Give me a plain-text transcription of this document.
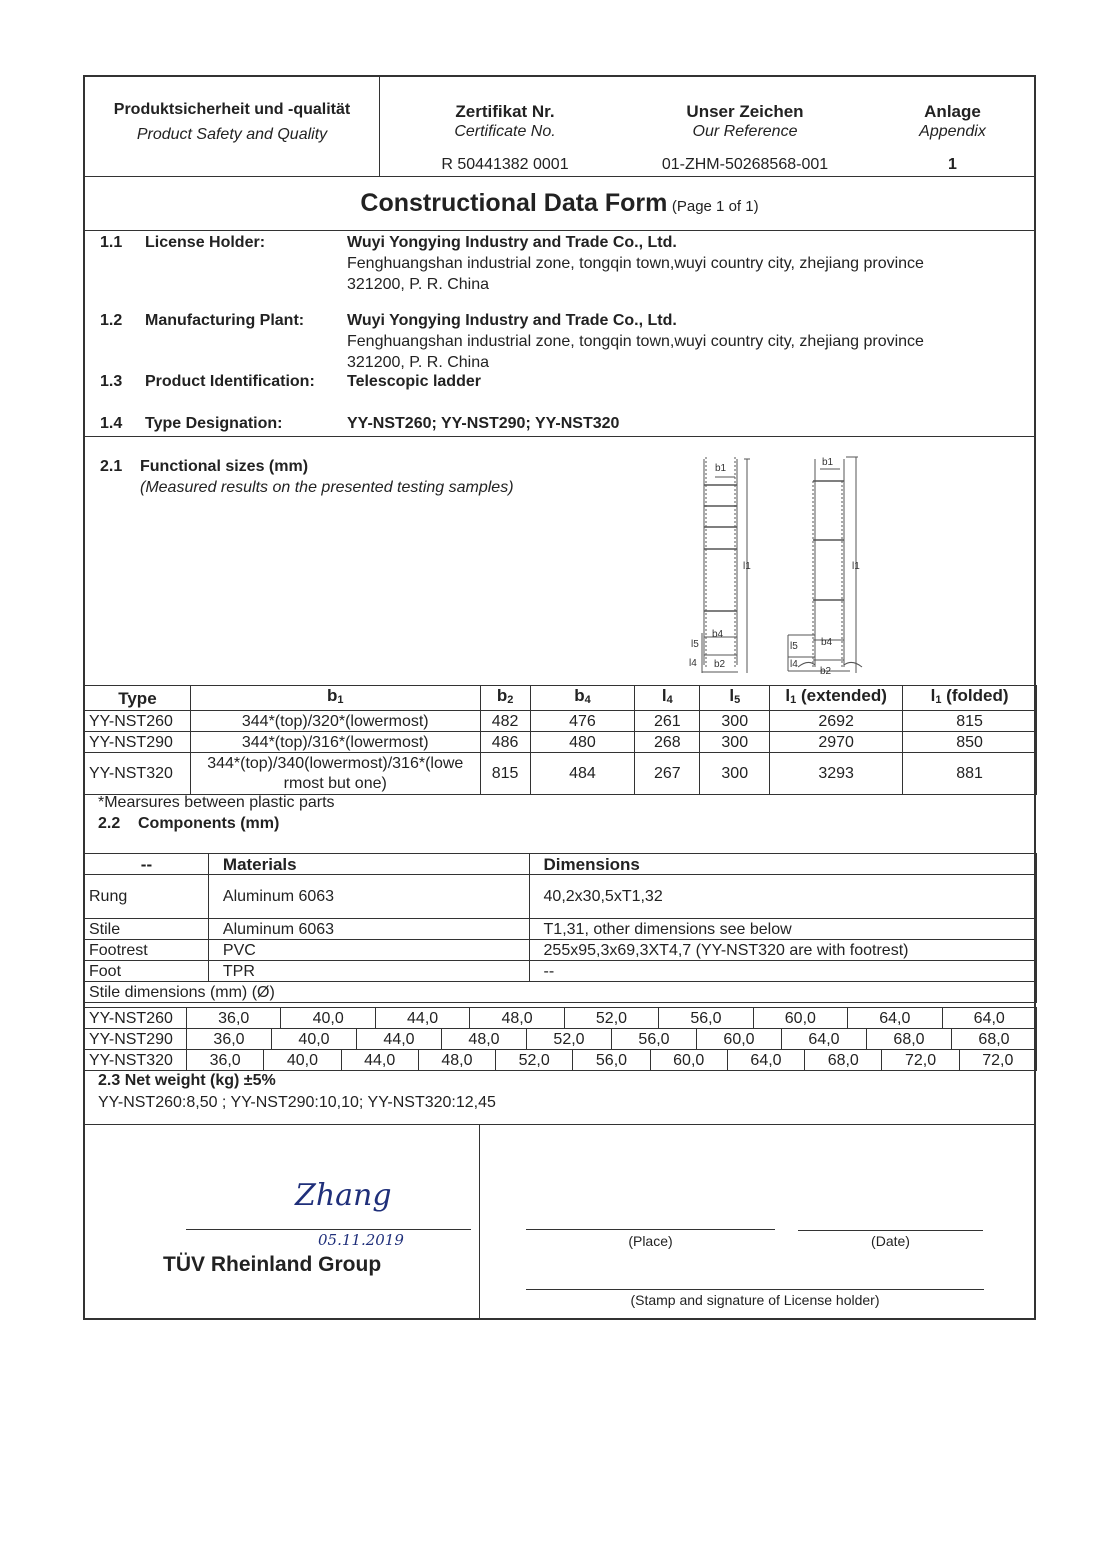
Produktsicherheit und -qualität
Product Safety and Quality
Zertifikat Nr.
Certificate No.
R 50441382 0001
Unser Zeichen
Our Reference
01-ZHM-50268568-001
Anlage
Appendix
1
Constructional Data Form (Page 1 of 1)
1.1 License Holder:	Wuyi Yongying Industry and Trade Co., Ltd.
Fenghuangshan industrial zone, tongqin town,wuyi country city, zhejiang province
321200, P. R. China
1.2 Manufacturing Plant:	Wuyi Yongying Industry and Trade Co., Ltd.
Fenghuangshan industrial zone, tongqin town,wuyi country city, zhejiang province
321200, P. R. China
1.3 Product Identification: Telescopic ladder
1.4 Type Designation:	YY-NST260; YY-NST290; YY-NST320
2.1 Functional sizes (mm)
(Measured results on the presented testing samples)
b1
l1
b4
l5
l4 b2
b1
l1
b4
l5
l4
b2
Type	b1	b2	b4	l4	l5	l1 (extended)	l1 (folded)
YY-NST260	344*(top)/320*(lowermost)	482	476	261	300	2692	815
YY-NST290	344*(top)/316*(lowermost)	486	480	268	300	2970	850
YY-NST320	344*(top)/340(lowermost)/316*(lowe rmost but one)	815	484	267	300	3293	881
*Mearsures between plastic parts
2.2 Components (mm)
--	Materials	Dimensions
Rung	Aluminum 6063	40,2x30,5xT1,32
Stile	Aluminum 6063	T1,31, other dimensions see below
Footrest	PVC	255x95,3x69,3XT4,7 (YY-NST320 are with footrest)
Foot	TPR	--
Stile dimensions (mm) (Ø)		
YY-NST260	36,0	40,0	44,0	48,0	52,0	56,0	60,0	64,0	64,0
YY-NST290	36,0	40,0	44,0	48,0	52,0	56,0	60,0	64,0	68,0	68,0
YY-NST320	36,0	40,0	44,0	48,0	52,0	56,0	60,0	64,0	68,0	72,0	72,0
2.3 Net weight (kg) ±5%
YY-NST260:8,50 ; YY-NST290:10,10; YY-NST320:12,45
Zhang
05.11.2019
TÜV Rheinland Group
(Place)	(Date)
(Stamp and signature of License holder)
